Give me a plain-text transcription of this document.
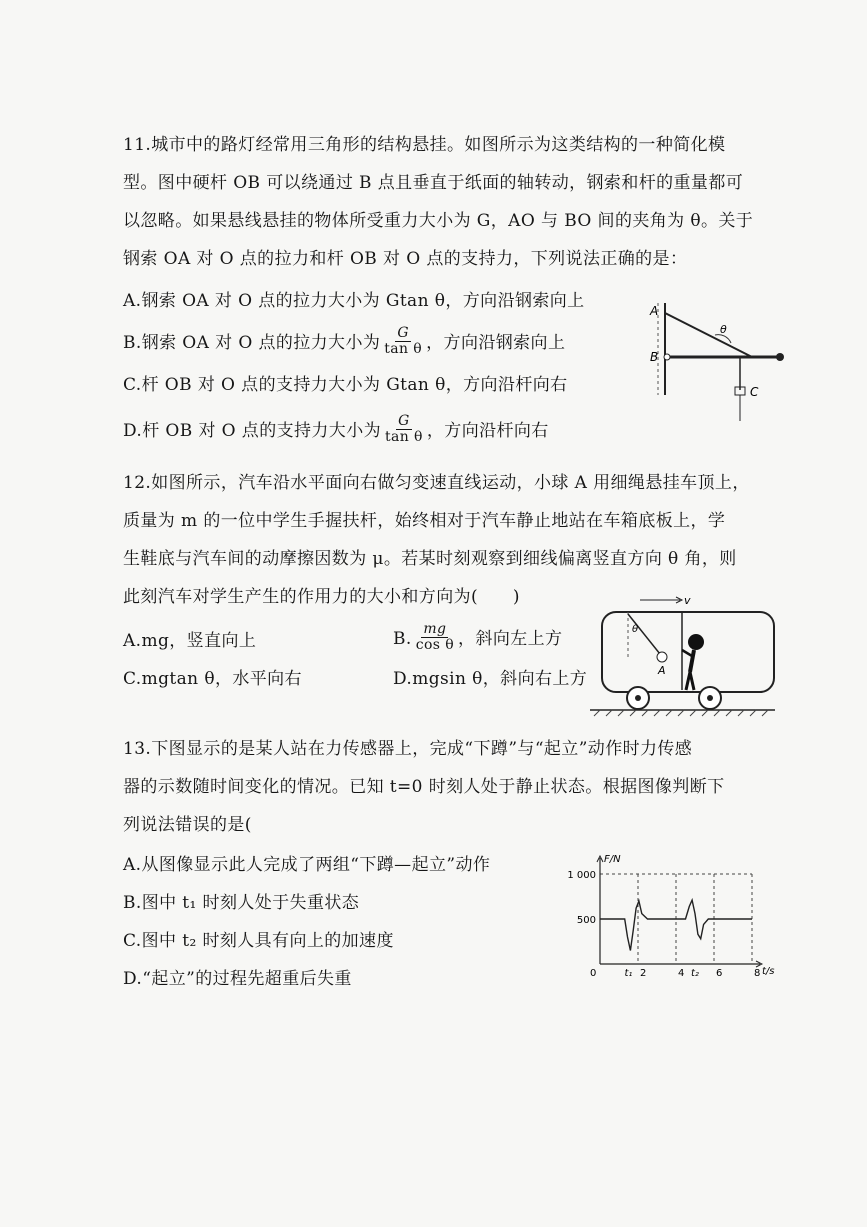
11.城市中的路灯经常用三角形的结构悬挂。如图所示为这类结构的一种简化模
型。图中硬杆 OB 可以绕通过 B 点且垂直于纸面的轴转动，钢索和杆的重量都可
以忽略。如果悬线悬挂的物体所受重力大小为 G，AO 与 BO 间的夹角为 θ。关于
钢索 OA 对 O 点的拉力和杆 OB 对 O 点的支持力，下列说法正确的是：
A.钢索 OA 对 O 点的拉力大小为 Gtan θ，方向沿钢索向上
B.钢索 OA 对 O 点的拉力大小为 $\frac{G}{\text{tan θ}}$ ，方向沿钢索向上
C.杆 OB 对 O 点的支持力大小为 Gtan θ，方向沿杆向右
D.杆 OB 对 O 点的支持力大小为 $\frac{G}{\text{tan θ}}$ ，方向沿杆向右
θ
A
B
C
12.如图所示，汽车沿水平面向右做匀变速直线运动，小球 A 用细绳悬挂车顶上，
质量为 m 的一位中学生手握扶杆，始终相对于汽车静止地站在车箱底板上，学
生鞋底与汽车间的动摩擦因数为 μ。若某时刻观察到细线偏离竖直方向 θ 角，则
此刻汽车对学生产生的作用力的大小和方向为(　　)
A.mg，竖直向上	B. $\frac{mg}{\text{cos θ}}$ ，斜向左上方
C.mgtan θ，水平向右	D.mgsin θ，斜向右上方
v
θ
A
13.下图显示的是某人站在力传感器上，完成“下蹲”与“起立”动作时力传感
器的示数随时间变化的情况。已知 t=0 时刻人处于静止状态。根据图像判断下
列说法错误的是(
A.从图像显示此人完成了两组“下蹲—起立”动作
B.图中 t₁ 时刻人处于失重状态
C.图中 t₂ 时刻人具有向上的加速度
D.“起立”的过程先超重后失重
F/N
t/s
0
500
1 000
2	4	6	8
t₁	t₂
